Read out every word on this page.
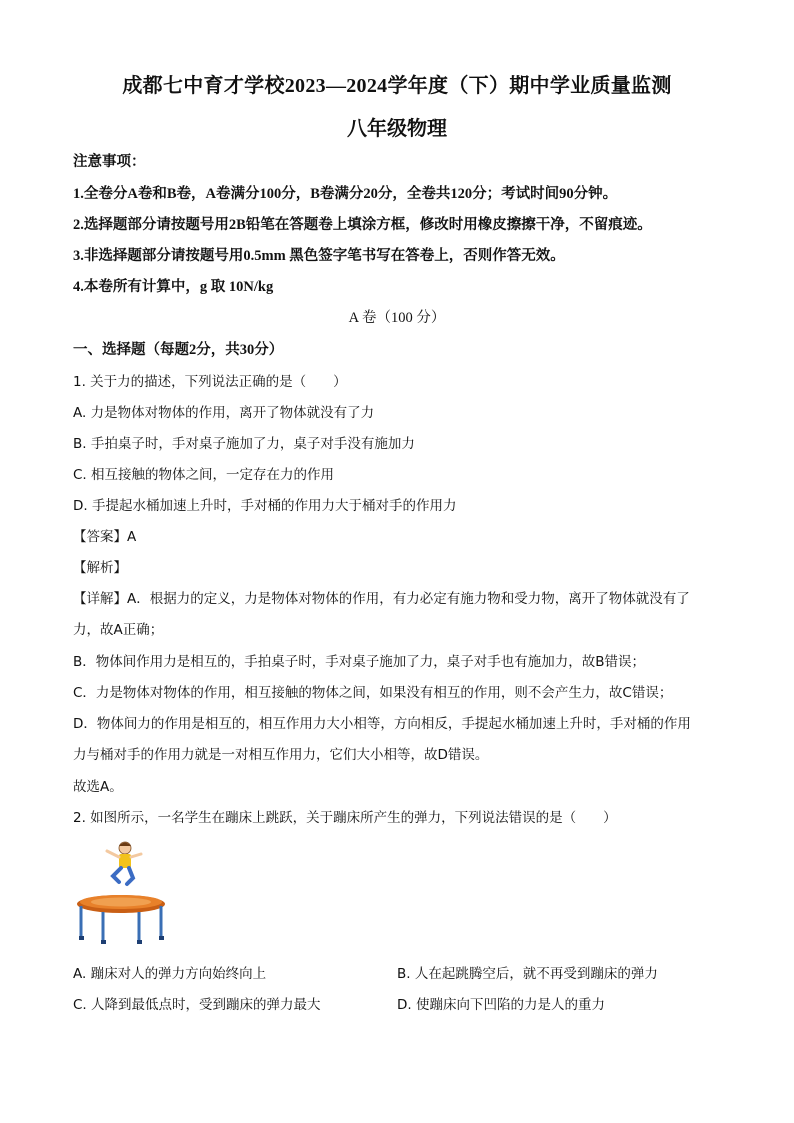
成都七中育才学校2023—2024学年度（下）期中学业质量监测
八年级物理
注意事项：
1.全卷分A卷和B卷，A卷满分100分，B卷满分20分，全卷共120分；考试时间90分钟。
2.选择题部分请按题号用2B铅笔在答题卷上填涂方框，修改时用橡皮擦擦干净，不留痕迹。
3.非选择题部分请按题号用0.5mm 黑色签字笔书写在答卷上，否则作答无效。
4.本卷所有计算中，g 取 10N/kg
A 卷（100 分）
一、选择题（每题2分，共30分）
1. 关于力的描述，下列说法正确的是（　　）
A. 力是物体对物体的作用，离开了物体就没有了力
B. 手拍桌子时，手对桌子施加了力，桌子对手没有施加力
C. 相互接触的物体之间，一定存在力的作用
D. 手提起水桶加速上升时，手对桶的作用力大于桶对手的作用力
【答案】A
【解析】
【详解】A．根据力的定义，力是物体对物体的作用，有力必定有施力物和受力物，离开了物体就没有了
力，故A正确；
B．物体间作用力是相互的，手拍桌子时，手对桌子施加了力，桌子对手也有施加力，故B错误；
C．力是物体对物体的作用，相互接触的物体之间，如果没有相互的作用，则不会产生力，故C错误；
D．物体间力的作用是相互的，相互作用力大小相等，方向相反，手提起水桶加速上升时，手对桶的作用
力与桶对手的作用力就是一对相互作用力，它们大小相等，故D错误。
故选A。
2. 如图所示，一名学生在蹦床上跳跃，关于蹦床所产生的弹力，下列说法错误的是（　　）
A. 蹦床对人的弹力方向始终向上	B. 人在起跳腾空后，就不再受到蹦床的弹力
C. 人降到最低点时，受到蹦床的弹力最大	D. 使蹦床向下凹陷的力是人的重力
